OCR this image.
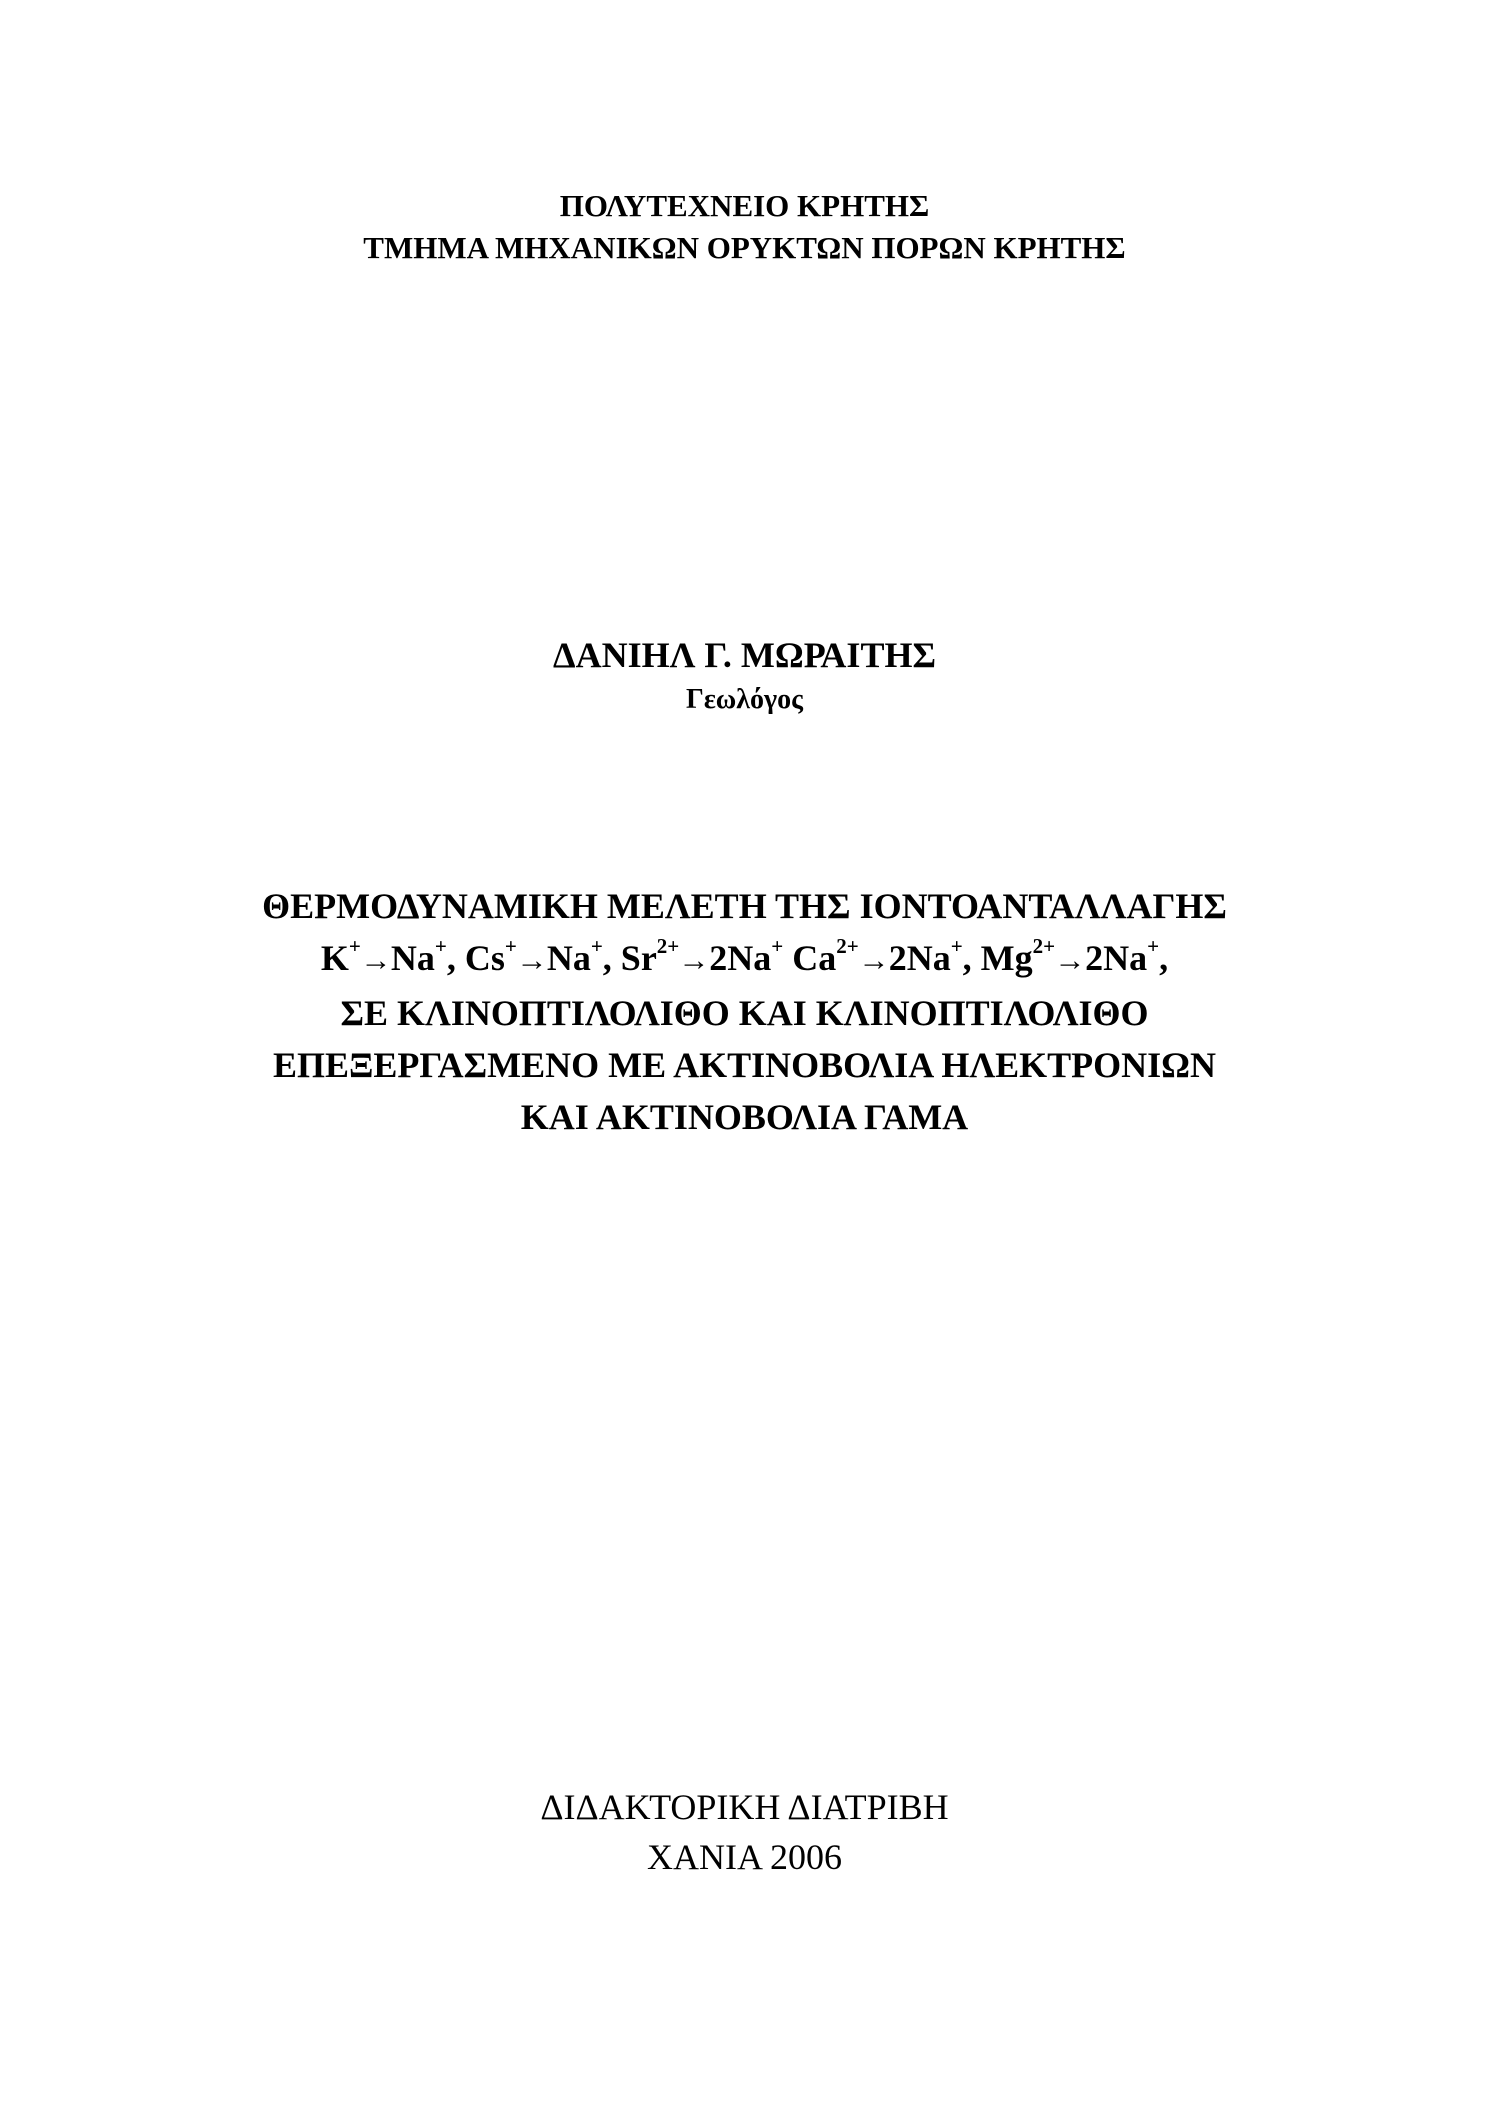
ΠΟΛΥΤΕΧΝΕΙΟ ΚΡΗΤΗΣ
ΤΜΗΜΑ ΜΗΧΑΝΙΚΩΝ ΟΡΥΚΤΩΝ ΠΟΡΩΝ ΚΡΗΤΗΣ
ΔΑΝΙΗΛ Γ. ΜΩΡΑΙΤΗΣ
Γεωλόγος
ΘΕΡΜΟΔΥΝΑΜΙΚΗ ΜΕΛΕΤΗ ΤΗΣ ΙΟΝΤΟΑΝΤΑΛΛΑΓΗΣ
K+→Na+, Cs+→Na+, $Sr^{2+}\to 2Na^+$ $Ca^{2+}\to 2Na^+$, $Mg^{2+}\to 2Na^+$,
ΣΕ ΚΛΙΝΟΠΤΙΛΟΛΙΘΟ ΚΑΙ ΚΛΙΝΟΠΤΙΛΟΛΙΘΟ
ΕΠΕΞΕΡΓΑΣΜΕΝΟ ΜΕ ΑΚΤΙΝΟΒΟΛΙΑ ΗΛΕΚΤΡΟΝΙΩΝ
ΚΑΙ ΑΚΤΙΝΟΒΟΛΙΑ ΓΑΜΑ
ΔΙΔΑΚΤΟΡΙΚΗ ΔΙΑΤΡΙΒΗ
ΧΑΝΙΑ 2006
